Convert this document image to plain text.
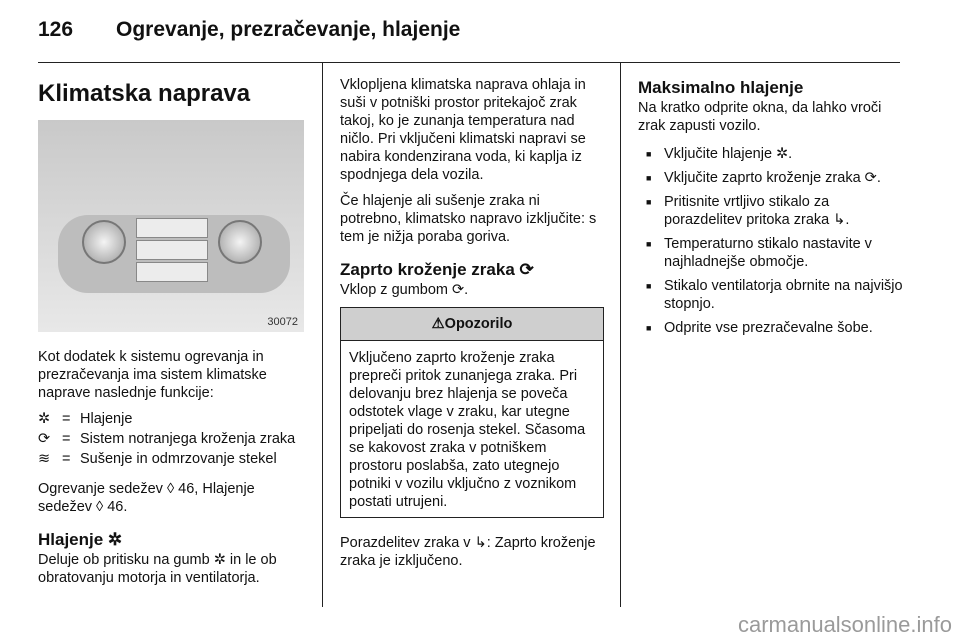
126 Ogrevanje, prezračevanje, hlajenje
Klimatska naprava
30072
Kot dodatek k sistemu ogrevanja in prezračevanja ima sistem klimatske naprave naslednje funkcije:
✲ = Hlajenje
⟳ = Sistem notranjega kroženja zraka
≋ = Sušenje in odmrzovanje stekel
Ogrevanje sedežev ◊ 46, Hlajenje sedežev ◊ 46.
Hlajenje ✲
Deluje ob pritisku na gumb ✲ in le ob obratovanju motorja in ventilatorja.
Vklopljena klimatska naprava ohlaja in suši v potniški prostor pritekajoč zrak takoj, ko je zunanja temperatura nad ničlo. Pri vključeni klimatski napravi se nabira kondenzirana voda, ki kaplja iz spodnjega dela vozila.
Če hlajenje ali sušenje zraka ni potrebno, klimatsko napravo izključite: s tem je nižja poraba goriva.
Zaprto kroženje zraka ⟳
Vklop z gumbom ⟳.
⚠Opozorilo
Vključeno zaprto kroženje zraka prepreči pritok zunanjega zraka. Pri delovanju brez hlajenja se poveča odstotek vlage v zraku, kar utegne pripeljati do rosenja stekel. Sčasoma se kakovost zraka v potniškem prostoru poslabša, zato utegnejo potniki v vozilu vključno z voznikom postati utrujeni.
Porazdelitev zraka v ↳: Zaprto kroženje zraka je izključeno.
Maksimalno hlajenje
Na kratko odprite okna, da lahko vroči zrak zapusti vozilo.
■ Vključite hlajenje ✲.
■ Vključite zaprto kroženje zraka ⟳.
■ Pritisnite vrtljivo stikalo za porazdelitev pritoka zraka ↳.
■ Temperaturno stikalo nastavite v najhladnejše območje.
■ Stikalo ventilatorja obrnite na najvišjo stopnjo.
■ Odprite vse prezračevalne šobe.
carmanualsonline.info
